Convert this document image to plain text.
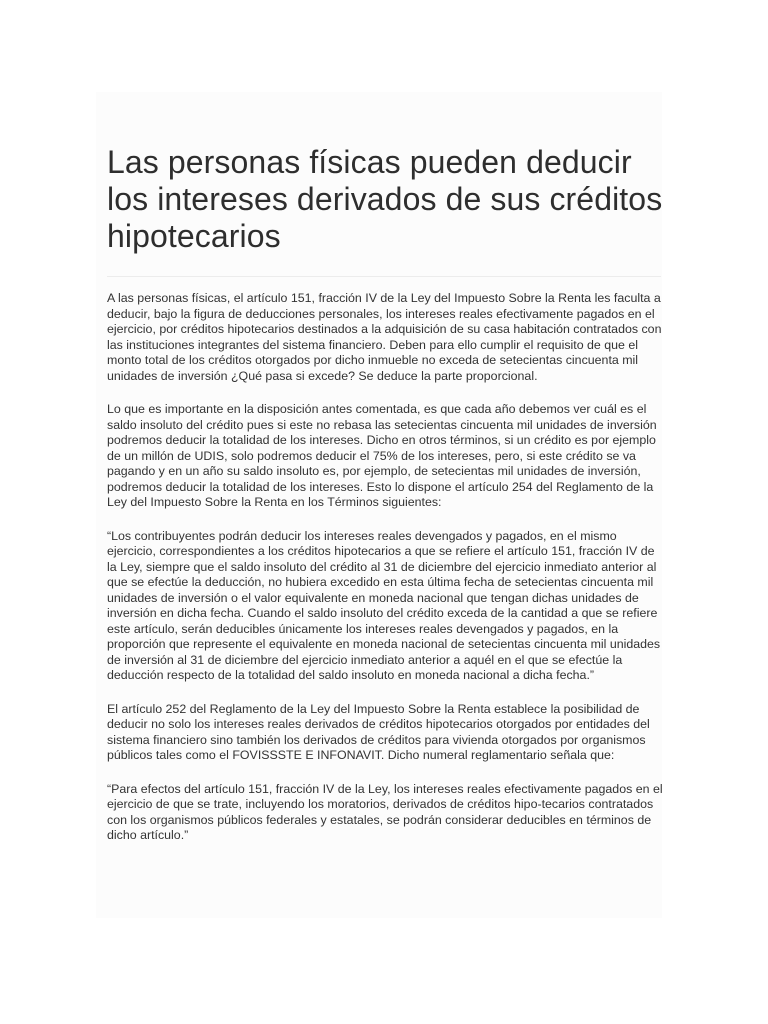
Las personas físicas pueden deducir los intereses derivados de sus créditos hipotecarios

A las personas físicas, el artículo 151, fracción IV de la Ley del Impuesto Sobre la Renta les faculta a deducir, bajo la figura de deducciones personales, los intereses reales efectivamente pagados en el ejercicio, por créditos hipotecarios destinados a la adquisición de su casa habitación contratados con las instituciones integrantes del sistema financiero. Deben para ello cumplir el requisito de que el monto total de los créditos otorgados por dicho inmueble no exceda de setecientas cincuenta mil unidades de inversión ¿Qué pasa si excede? Se deduce la parte proporcional.

Lo que es importante en la disposición antes comentada, es que cada año debemos ver cuál es el saldo insoluto del crédito pues si este no rebasa las setecientas cincuenta mil unidades de inversión podremos deducir la totalidad de los intereses. Dicho en otros términos, si un crédito es por ejemplo de un millón de UDIS, solo podremos deducir el 75% de los intereses, pero, si este crédito se va pagando y en un año su saldo insoluto es, por ejemplo, de setecientas mil unidades de inversión, podremos deducir la totalidad de los intereses. Esto lo dispone el artículo 254 del Reglamento de la Ley del Impuesto Sobre la Renta en los Términos siguientes:

“Los contribuyentes podrán deducir los intereses reales devengados y pagados, en el mismo ejercicio, correspondientes a los créditos hipotecarios a que se refiere el artículo 151, fracción IV de la Ley, siempre que el saldo insoluto del crédito al 31 de diciembre del ejercicio inmediato anterior al que se efectúe la deducción, no hubiera excedido en esta última fecha de setecientas cincuenta mil unidades de inversión o el valor equivalente en moneda nacional que tengan dichas unidades de inversión en dicha fecha. Cuando el saldo insoluto del crédito exceda de la cantidad a que se refiere este artículo, serán deducibles únicamente los intereses reales devengados y pagados, en la proporción que represente el equivalente en moneda nacional de setecientas cincuenta mil unidades de inversión al 31 de diciembre del ejercicio inmediato anterior a aquél en el que se efectúe la deducción respecto de la totalidad del saldo insoluto en moneda nacional a dicha fecha.”

El artículo 252 del Reglamento de la Ley del Impuesto Sobre la Renta establece la posibilidad de deducir no solo los intereses reales derivados de créditos hipotecarios otorgados por entidades del sistema financiero sino también los derivados de créditos para vivienda otorgados por organismos públicos tales como el FOVISSSTE E INFONAVIT. Dicho numeral reglamentario señala que:

“Para efectos del artículo 151, fracción IV de la Ley, los intereses reales efectivamente pagados en el ejercicio de que se trate, incluyendo los moratorios, derivados de créditos hipo-tecarios contratados con los organismos públicos federales y estatales, se podrán considerar deducibles en términos de dicho artículo.”
